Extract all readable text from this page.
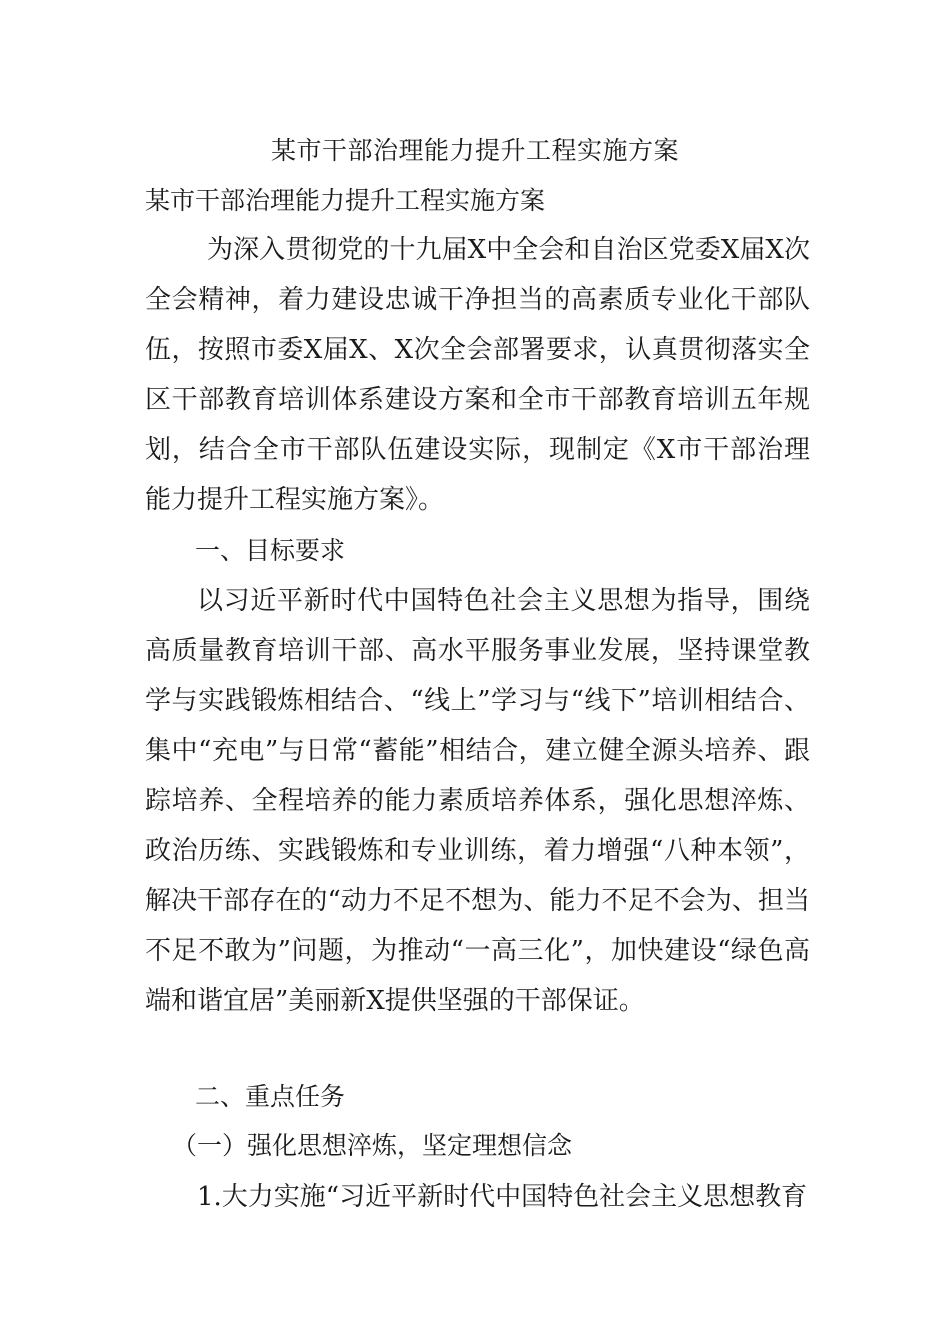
某市干部治理能力提升工程实施方案
某市干部治理能力提升工程实施方案

为深入贯彻党的十九届X中全会和自治区党委X届X次全会精神，着力建设忠诚干净担当的高素质专业化干部队伍，按照市委X届X、X次全会部署要求，认真贯彻落实全区干部教育培训体系建设方案和全市干部教育培训五年规划，结合全市干部队伍建设实际，现制定《X市干部治理能力提升工程实施方案》。

一、目标要求

以习近平新时代中国特色社会主义思想为指导，围绕高质量教育培训干部、高水平服务事业发展，坚持课堂教学与实践锻炼相结合、“线上”学习与“线下”培训相结合、集中“充电”与日常“蓄能”相结合，建立健全源头培养、跟踪培养、全程培养的能力素质培养体系，强化思想淬炼、政治历练、实践锻炼和专业训练，着力增强“八种本领”，解决干部存在的“动力不足不想为、能力不足不会为、担当不足不敢为”问题，为推动“一高三化”，加快建设“绿色高端和谐宜居”美丽新X提供坚强的干部保证。

二、重点任务
（一）强化思想淬炼，坚定理想信念

1.大力实施“习近平新时代中国特色社会主义思想教育
